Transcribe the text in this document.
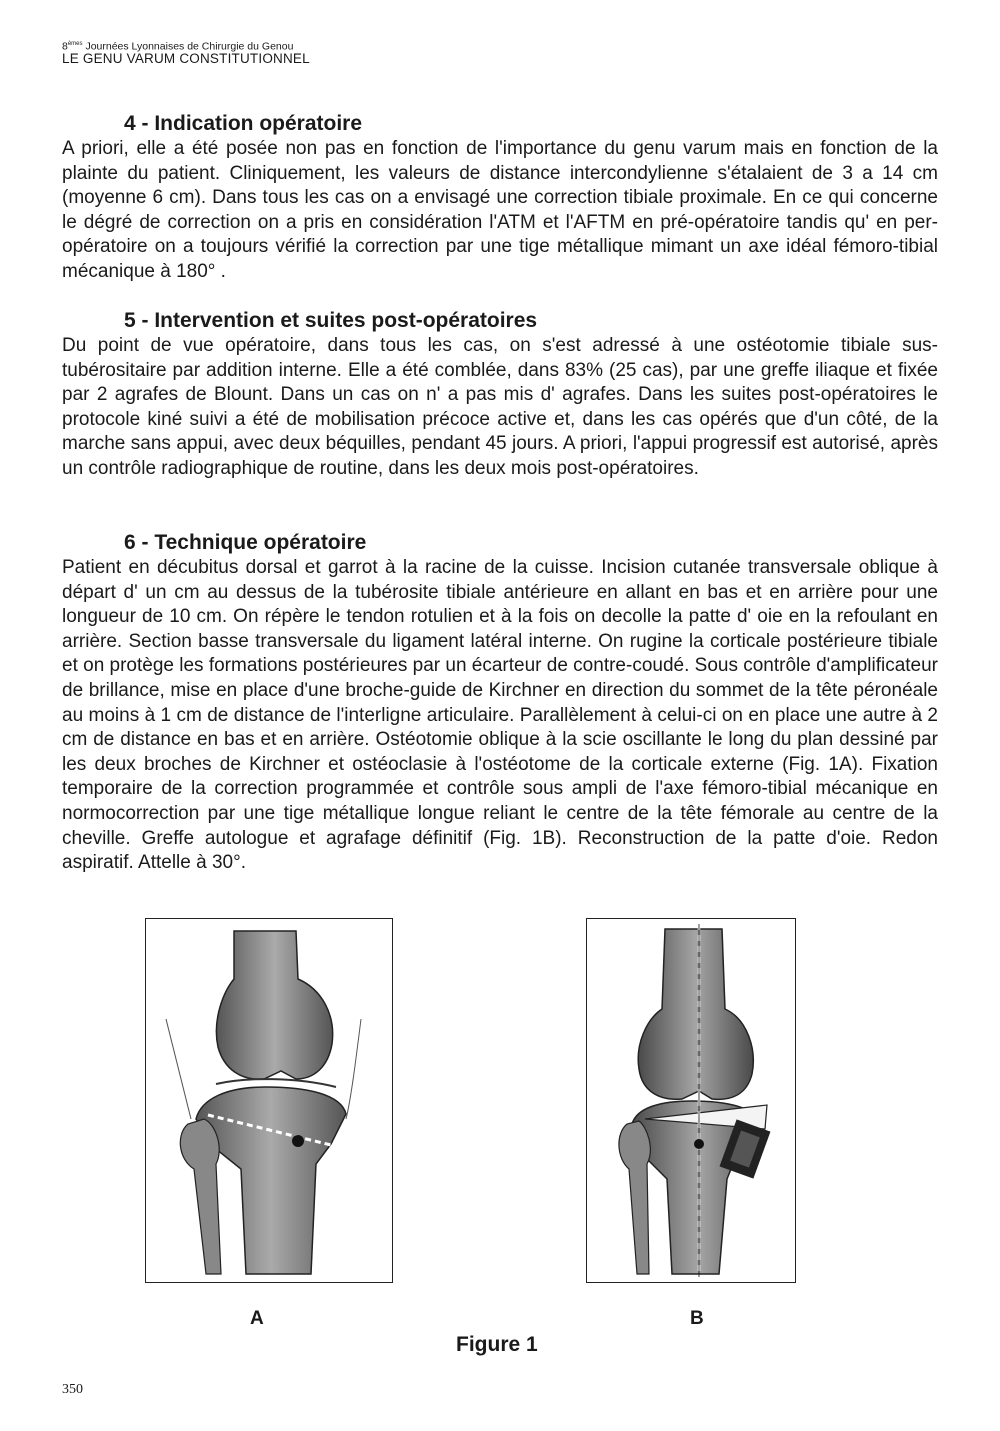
8èmes Journées Lyonnaises de Chirurgie du Genou
LE GENU VARUM CONSTITUTIONNEL
4 - Indication opératoire

A priori, elle a été posée non pas en fonction de l'importance du genu varum mais en fonction de la plainte du patient. Cliniquement, les valeurs de distance intercondylienne s'étalaient de 3 a 14 cm (moyenne 6 cm). Dans tous les cas on a envisagé une correction tibiale proximale. En ce qui concerne le dégré de correction on a pris en considération l'ATM et l'AFTM en pré-opératoire tandis qu' en per-opératoire on a toujours vérifié la correction par une tige métallique mimant un axe idéal fémoro-tibial mécanique à 180° .

5 - Intervention et suites post-opératoires

Du point de vue opératoire, dans tous les cas, on s'est adressé à une ostéotomie tibiale sus-tubérositaire par addition interne. Elle a été comblée, dans 83% (25 cas), par une greffe iliaque et fixée par 2 agrafes de Blount. Dans un cas on n' a pas mis d' agrafes. Dans les suites post-opératoires le protocole kiné suivi a été de mobilisation précoce active et, dans les cas opérés que d'un côté, de la marche sans appui, avec deux béquilles, pendant 45 jours. A priori, l'appui progressif est autorisé, après un contrôle radiographique de routine, dans les deux mois post-opératoires.

6 - Technique opératoire

Patient en décubitus dorsal et garrot à la racine de la cuisse. Incision cutanée transversale oblique à départ d' un cm au dessus de la tubérosite tibiale antérieure en allant en bas et en arrière pour une longueur de 10 cm. On répère le tendon rotulien et à la fois on decolle la patte d' oie en la refoulant en arrière. Section basse transversale du ligament latéral interne. On rugine la corticale postérieure tibiale et on protège les formations postérieures par un écarteur de contre-coudé. Sous contrôle d'amplificateur de brillance, mise en place d'une broche-guide de Kirchner en direction du sommet de la tête péronéale au moins à 1 cm de distance de l'interligne articulaire. Parallèlement à celui-ci on en place une autre à 2 cm de distance en bas et en arrière. Ostéotomie oblique à la scie oscillante le long du plan dessiné par les deux broches de Kirchner et ostéoclasie à l'ostéotome de la corticale externe (Fig. 1A). Fixation temporaire de la correction programmée et contrôle sous ampli de l'axe fémoro-tibial mécanique en normocorrection par une tige métallique longue reliant le centre de la tête fémorale au centre de la cheville. Greffe autologue et agrafage définitif (Fig. 1B). Reconstruction de la patte d'oie. Redon aspiratif. Attelle à 30°.

A	B
Figure 1
350
